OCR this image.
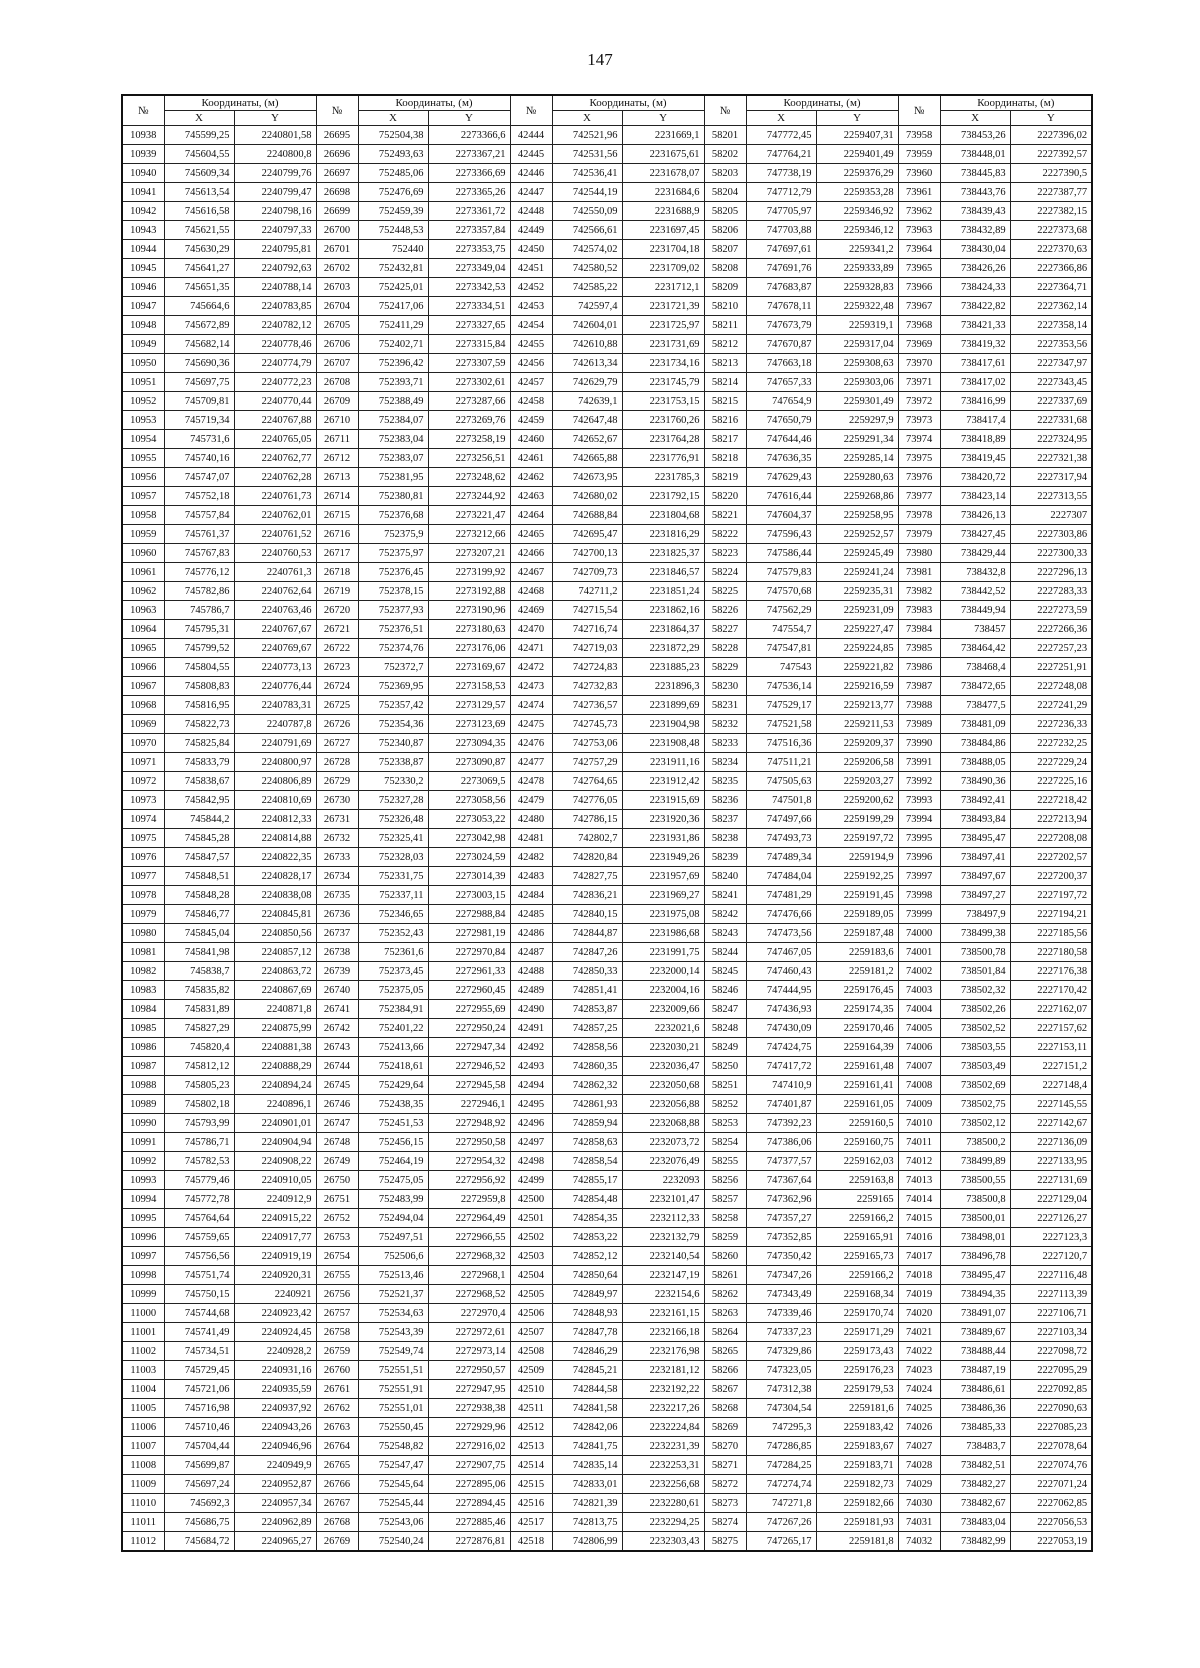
147
№	Координаты, (м)		№	Координаты, (м)		№	Координаты, (м)		№	Координаты, (м)		№	Координаты, (м)	
	X	Y		X	Y		X	Y		X	Y		X	Y
10938	745599,25	2240801,58	26695	752504,38	2273366,6	42444	742521,96	2231669,1	58201	747772,45	2259407,31	73958	738453,26	2227396,02
10939	745604,55	2240800,8	26696	752493,63	2273367,21	42445	742531,56	2231675,61	58202	747764,21	2259401,49	73959	738448,01	2227392,57
10940	745609,34	2240799,76	26697	752485,06	2273366,69	42446	742536,41	2231678,07	58203	747738,19	2259376,29	73960	738445,83	2227390,5
10941	745613,54	2240799,47	26698	752476,69	2273365,26	42447	742544,19	2231684,6	58204	747712,79	2259353,28	73961	738443,76	2227387,77
10942	745616,58	2240798,16	26699	752459,39	2273361,72	42448	742550,09	2231688,9	58205	747705,97	2259346,92	73962	738439,43	2227382,15
10943	745621,55	2240797,33	26700	752448,53	2273357,84	42449	742566,61	2231697,45	58206	747703,88	2259346,12	73963	738432,89	2227373,68
10944	745630,29	2240795,81	26701	752440	2273353,75	42450	742574,02	2231704,18	58207	747697,61	2259341,2	73964	738430,04	2227370,63
10945	745641,27	2240792,63	26702	752432,81	2273349,04	42451	742580,52	2231709,02	58208	747691,76	2259333,89	73965	738426,26	2227366,86
10946	745651,35	2240788,14	26703	752425,01	2273342,53	42452	742585,22	2231712,1	58209	747683,87	2259328,83	73966	738424,33	2227364,71
10947	745664,6	2240783,85	26704	752417,06	2273334,51	42453	742597,4	2231721,39	58210	747678,11	2259322,48	73967	738422,82	2227362,14
10948	745672,89	2240782,12	26705	752411,29	2273327,65	42454	742604,01	2231725,97	58211	747673,79	2259319,1	73968	738421,33	2227358,14
10949	745682,14	2240778,46	26706	752402,71	2273315,84	42455	742610,88	2231731,69	58212	747670,87	2259317,04	73969	738419,32	2227353,56
10950	745690,36	2240774,79	26707	752396,42	2273307,59	42456	742613,34	2231734,16	58213	747663,18	2259308,63	73970	738417,61	2227347,97
10951	745697,75	2240772,23	26708	752393,71	2273302,61	42457	742629,79	2231745,79	58214	747657,33	2259303,06	73971	738417,02	2227343,45
10952	745709,81	2240770,44	26709	752388,49	2273287,66	42458	742639,1	2231753,15	58215	747654,9	2259301,49	73972	738416,99	2227337,69
10953	745719,34	2240767,88	26710	752384,07	2273269,76	42459	742647,48	2231760,26	58216	747650,79	2259297,9	73973	738417,4	2227331,68
10954	745731,6	2240765,05	26711	752383,04	2273258,19	42460	742652,67	2231764,28	58217	747644,46	2259291,34	73974	738418,89	2227324,95
10955	745740,16	2240762,77	26712	752383,07	2273256,51	42461	742665,88	2231776,91	58218	747636,35	2259285,14	73975	738419,45	2227321,38
10956	745747,07	2240762,28	26713	752381,95	2273248,62	42462	742673,95	2231785,3	58219	747629,43	2259280,63	73976	738420,72	2227317,94
10957	745752,18	2240761,73	26714	752380,81	2273244,92	42463	742680,02	2231792,15	58220	747616,44	2259268,86	73977	738423,14	2227313,55
10958	745757,84	2240762,01	26715	752376,68	2273221,47	42464	742688,84	2231804,68	58221	747604,37	2259258,95	73978	738426,13	2227307
10959	745761,37	2240761,52	26716	752375,9	2273212,66	42465	742695,47	2231816,29	58222	747596,43	2259252,57	73979	738427,45	2227303,86
10960	745767,83	2240760,53	26717	752375,97	2273207,21	42466	742700,13	2231825,37	58223	747586,44	2259245,49	73980	738429,44	2227300,33
10961	745776,12	2240761,3	26718	752376,45	2273199,92	42467	742709,73	2231846,57	58224	747579,83	2259241,24	73981	738432,8	2227296,13
10962	745782,86	2240762,64	26719	752378,15	2273192,88	42468	742711,2	2231851,24	58225	747570,68	2259235,31	73982	738442,52	2227283,33
10963	745786,7	2240763,46	26720	752377,93	2273190,96	42469	742715,54	2231862,16	58226	747562,29	2259231,09	73983	738449,94	2227273,59
10964	745795,31	2240767,67	26721	752376,51	2273180,63	42470	742716,74	2231864,37	58227	747554,7	2259227,47	73984	738457	2227266,36
10965	745799,52	2240769,67	26722	752374,76	2273176,06	42471	742719,03	2231872,29	58228	747547,81	2259224,85	73985	738464,42	2227257,23
10966	745804,55	2240773,13	26723	752372,7	2273169,67	42472	742724,83	2231885,23	58229	747543	2259221,82	73986	738468,4	2227251,91
10967	745808,83	2240776,44	26724	752369,95	2273158,53	42473	742732,83	2231896,3	58230	747536,14	2259216,59	73987	738472,65	2227248,08
10968	745816,95	2240783,31	26725	752357,42	2273129,57	42474	742736,57	2231899,69	58231	747529,17	2259213,77	73988	738477,5	2227241,29
10969	745822,73	2240787,8	26726	752354,36	2273123,69	42475	742745,73	2231904,98	58232	747521,58	2259211,53	73989	738481,09	2227236,33
10970	745825,84	2240791,69	26727	752340,87	2273094,35	42476	742753,06	2231908,48	58233	747516,36	2259209,37	73990	738484,86	2227232,25
10971	745833,79	2240800,97	26728	752338,87	2273090,87	42477	742757,29	2231911,16	58234	747511,21	2259206,58	73991	738488,05	2227229,24
10972	745838,67	2240806,89	26729	752330,2	2273069,5	42478	742764,65	2231912,42	58235	747505,63	2259203,27	73992	738490,36	2227225,16
10973	745842,95	2240810,69	26730	752327,28	2273058,56	42479	742776,05	2231915,69	58236	747501,8	2259200,62	73993	738492,41	2227218,42
10974	745844,2	2240812,33	26731	752326,48	2273053,22	42480	742786,15	2231920,36	58237	747497,66	2259199,29	73994	738493,84	2227213,94
10975	745845,28	2240814,88	26732	752325,41	2273042,98	42481	742802,7	2231931,86	58238	747493,73	2259197,72	73995	738495,47	2227208,08
10976	745847,57	2240822,35	26733	752328,03	2273024,59	42482	742820,84	2231949,26	58239	747489,34	2259194,9	73996	738497,41	2227202,57
10977	745848,51	2240828,17	26734	752331,75	2273014,39	42483	742827,75	2231957,69	58240	747484,04	2259192,25	73997	738497,67	2227200,37
10978	745848,28	2240838,08	26735	752337,11	2273003,15	42484	742836,21	2231969,27	58241	747481,29	2259191,45	73998	738497,27	2227197,72
10979	745846,77	2240845,81	26736	752346,65	2272988,84	42485	742840,15	2231975,08	58242	747476,66	2259189,05	73999	738497,9	2227194,21
10980	745845,04	2240850,56	26737	752352,43	2272981,19	42486	742844,87	2231986,68	58243	747473,56	2259187,48	74000	738499,38	2227185,56
10981	745841,98	2240857,12	26738	752361,6	2272970,84	42487	742847,26	2231991,75	58244	747467,05	2259183,6	74001	738500,78	2227180,58
10982	745838,7	2240863,72	26739	752373,45	2272961,33	42488	742850,33	2232000,14	58245	747460,43	2259181,2	74002	738501,84	2227176,38
10983	745835,82	2240867,69	26740	752375,05	2272960,45	42489	742851,41	2232004,16	58246	747444,95	2259176,45	74003	738502,32	2227170,42
10984	745831,89	2240871,8	26741	752384,91	2272955,69	42490	742853,87	2232009,66	58247	747436,93	2259174,35	74004	738502,26	2227162,07
10985	745827,29	2240875,99	26742	752401,22	2272950,24	42491	742857,25	2232021,6	58248	747430,09	2259170,46	74005	738502,52	2227157,62
10986	745820,4	2240881,38	26743	752413,66	2272947,34	42492	742858,56	2232030,21	58249	747424,75	2259164,39	74006	738503,55	2227153,11
10987	745812,12	2240888,29	26744	752418,61	2272946,52	42493	742860,35	2232036,47	58250	747417,72	2259161,48	74007	738503,49	2227151,2
10988	745805,23	2240894,24	26745	752429,64	2272945,58	42494	742862,32	2232050,68	58251	747410,9	2259161,41	74008	738502,69	2227148,4
10989	745802,18	2240896,1	26746	752438,35	2272946,1	42495	742861,93	2232056,88	58252	747401,87	2259161,05	74009	738502,75	2227145,55
10990	745793,99	2240901,01	26747	752451,53	2272948,92	42496	742859,94	2232068,88	58253	747392,23	2259160,5	74010	738502,12	2227142,67
10991	745786,71	2240904,94	26748	752456,15	2272950,58	42497	742858,63	2232073,72	58254	747386,06	2259160,75	74011	738500,2	2227136,09
10992	745782,53	2240908,22	26749	752464,19	2272954,32	42498	742858,54	2232076,49	58255	747377,57	2259162,03	74012	738499,89	2227133,95
10993	745779,46	2240910,05	26750	752475,05	2272956,92	42499	742855,17	2232093	58256	747367,64	2259163,8	74013	738500,55	2227131,69
10994	745772,78	2240912,9	26751	752483,99	2272959,8	42500	742854,48	2232101,47	58257	747362,96	2259165	74014	738500,8	2227129,04
10995	745764,64	2240915,22	26752	752494,04	2272964,49	42501	742854,35	2232112,33	58258	747357,27	2259166,2	74015	738500,01	2227126,27
10996	745759,65	2240917,77	26753	752497,51	2272966,55	42502	742853,22	2232132,79	58259	747352,85	2259165,91	74016	738498,01	2227123,3
10997	745756,56	2240919,19	26754	752506,6	2272968,32	42503	742852,12	2232140,54	58260	747350,42	2259165,73	74017	738496,78	2227120,7
10998	745751,74	2240920,31	26755	752513,46	2272968,1	42504	742850,64	2232147,19	58261	747347,26	2259166,2	74018	738495,47	2227116,48
10999	745750,15	2240921	26756	752521,37	2272968,52	42505	742849,97	2232154,6	58262	747343,49	2259168,34	74019	738494,35	2227113,39
11000	745744,68	2240923,42	26757	752534,63	2272970,4	42506	742848,93	2232161,15	58263	747339,46	2259170,74	74020	738491,07	2227106,71
11001	745741,49	2240924,45	26758	752543,39	2272972,61	42507	742847,78	2232166,18	58264	747337,23	2259171,29	74021	738489,67	2227103,34
11002	745734,51	2240928,2	26759	752549,74	2272973,14	42508	742846,29	2232176,98	58265	747329,86	2259173,43	74022	738488,44	2227098,72
11003	745729,45	2240931,16	26760	752551,51	2272950,57	42509	742845,21	2232181,12	58266	747323,05	2259176,23	74023	738487,19	2227095,29
11004	745721,06	2240935,59	26761	752551,91	2272947,95	42510	742844,58	2232192,22	58267	747312,38	2259179,53	74024	738486,61	2227092,85
11005	745716,98	2240937,92	26762	752551,01	2272938,38	42511	742841,58	2232217,26	58268	747304,54	2259181,6	74025	738486,36	2227090,63
11006	745710,46	2240943,26	26763	752550,45	2272929,96	42512	742842,06	2232224,84	58269	747295,3	2259183,42	74026	738485,33	2227085,23
11007	745704,44	2240946,96	26764	752548,82	2272916,02	42513	742841,75	2232231,39	58270	747286,85	2259183,67	74027	738483,7	2227078,64
11008	745699,87	2240949,9	26765	752547,47	2272907,75	42514	742835,14	2232253,31	58271	747284,25	2259183,71	74028	738482,51	2227074,76
11009	745697,24	2240952,87	26766	752545,64	2272895,06	42515	742833,01	2232256,68	58272	747274,74	2259182,73	74029	738482,27	2227071,24
11010	745692,3	2240957,34	26767	752545,44	2272894,45	42516	742821,39	2232280,61	58273	747271,8	2259182,66	74030	738482,67	2227062,85
11011	745686,75	2240962,89	26768	752543,06	2272885,46	42517	742813,75	2232294,25	58274	747267,26	2259181,93	74031	738483,04	2227056,53
11012	745684,72	2240965,27	26769	752540,24	2272876,81	42518	742806,99	2232303,43	58275	747265,17	2259181,8	74032	738482,99	2227053,19
